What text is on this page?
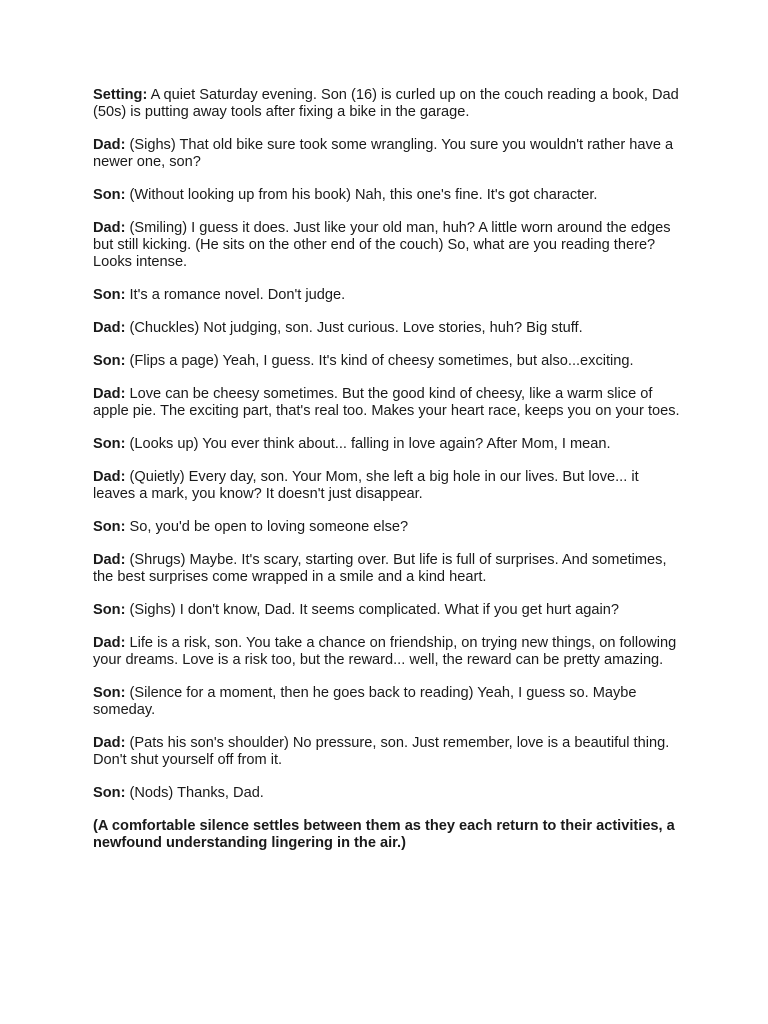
Setting: A quiet Saturday evening. Son (16) is curled up on the couch reading a book, Dad (50s) is putting away tools after fixing a bike in the garage.

Dad: (Sighs) That old bike sure took some wrangling. You sure you wouldn't rather have a newer one, son?

Son: (Without looking up from his book) Nah, this one's fine. It's got character.

Dad: (Smiling) I guess it does. Just like your old man, huh? A little worn around the edges but still kicking. (He sits on the other end of the couch) So, what are you reading there? Looks intense.

Son: It's a romance novel. Don't judge.

Dad: (Chuckles) Not judging, son. Just curious. Love stories, huh? Big stuff.

Son: (Flips a page) Yeah, I guess. It's kind of cheesy sometimes, but also...exciting.

Dad: Love can be cheesy sometimes. But the good kind of cheesy, like a warm slice of apple pie. The exciting part, that's real too. Makes your heart race, keeps you on your toes.

Son: (Looks up) You ever think about... falling in love again? After Mom, I mean.

Dad: (Quietly) Every day, son. Your Mom, she left a big hole in our lives. But love... it leaves a mark, you know? It doesn't just disappear.

Son: So, you'd be open to loving someone else?

Dad: (Shrugs) Maybe. It's scary, starting over. But life is full of surprises. And sometimes, the best surprises come wrapped in a smile and a kind heart.

Son: (Sighs) I don't know, Dad. It seems complicated. What if you get hurt again?

Dad: Life is a risk, son. You take a chance on friendship, on trying new things, on following your dreams. Love is a risk too, but the reward... well, the reward can be pretty amazing.

Son: (Silence for a moment, then he goes back to reading) Yeah, I guess so. Maybe someday.

Dad: (Pats his son's shoulder) No pressure, son. Just remember, love is a beautiful thing. Don't shut yourself off from it.

Son: (Nods) Thanks, Dad.

(A comfortable silence settles between them as they each return to their activities, a newfound understanding lingering in the air.)
